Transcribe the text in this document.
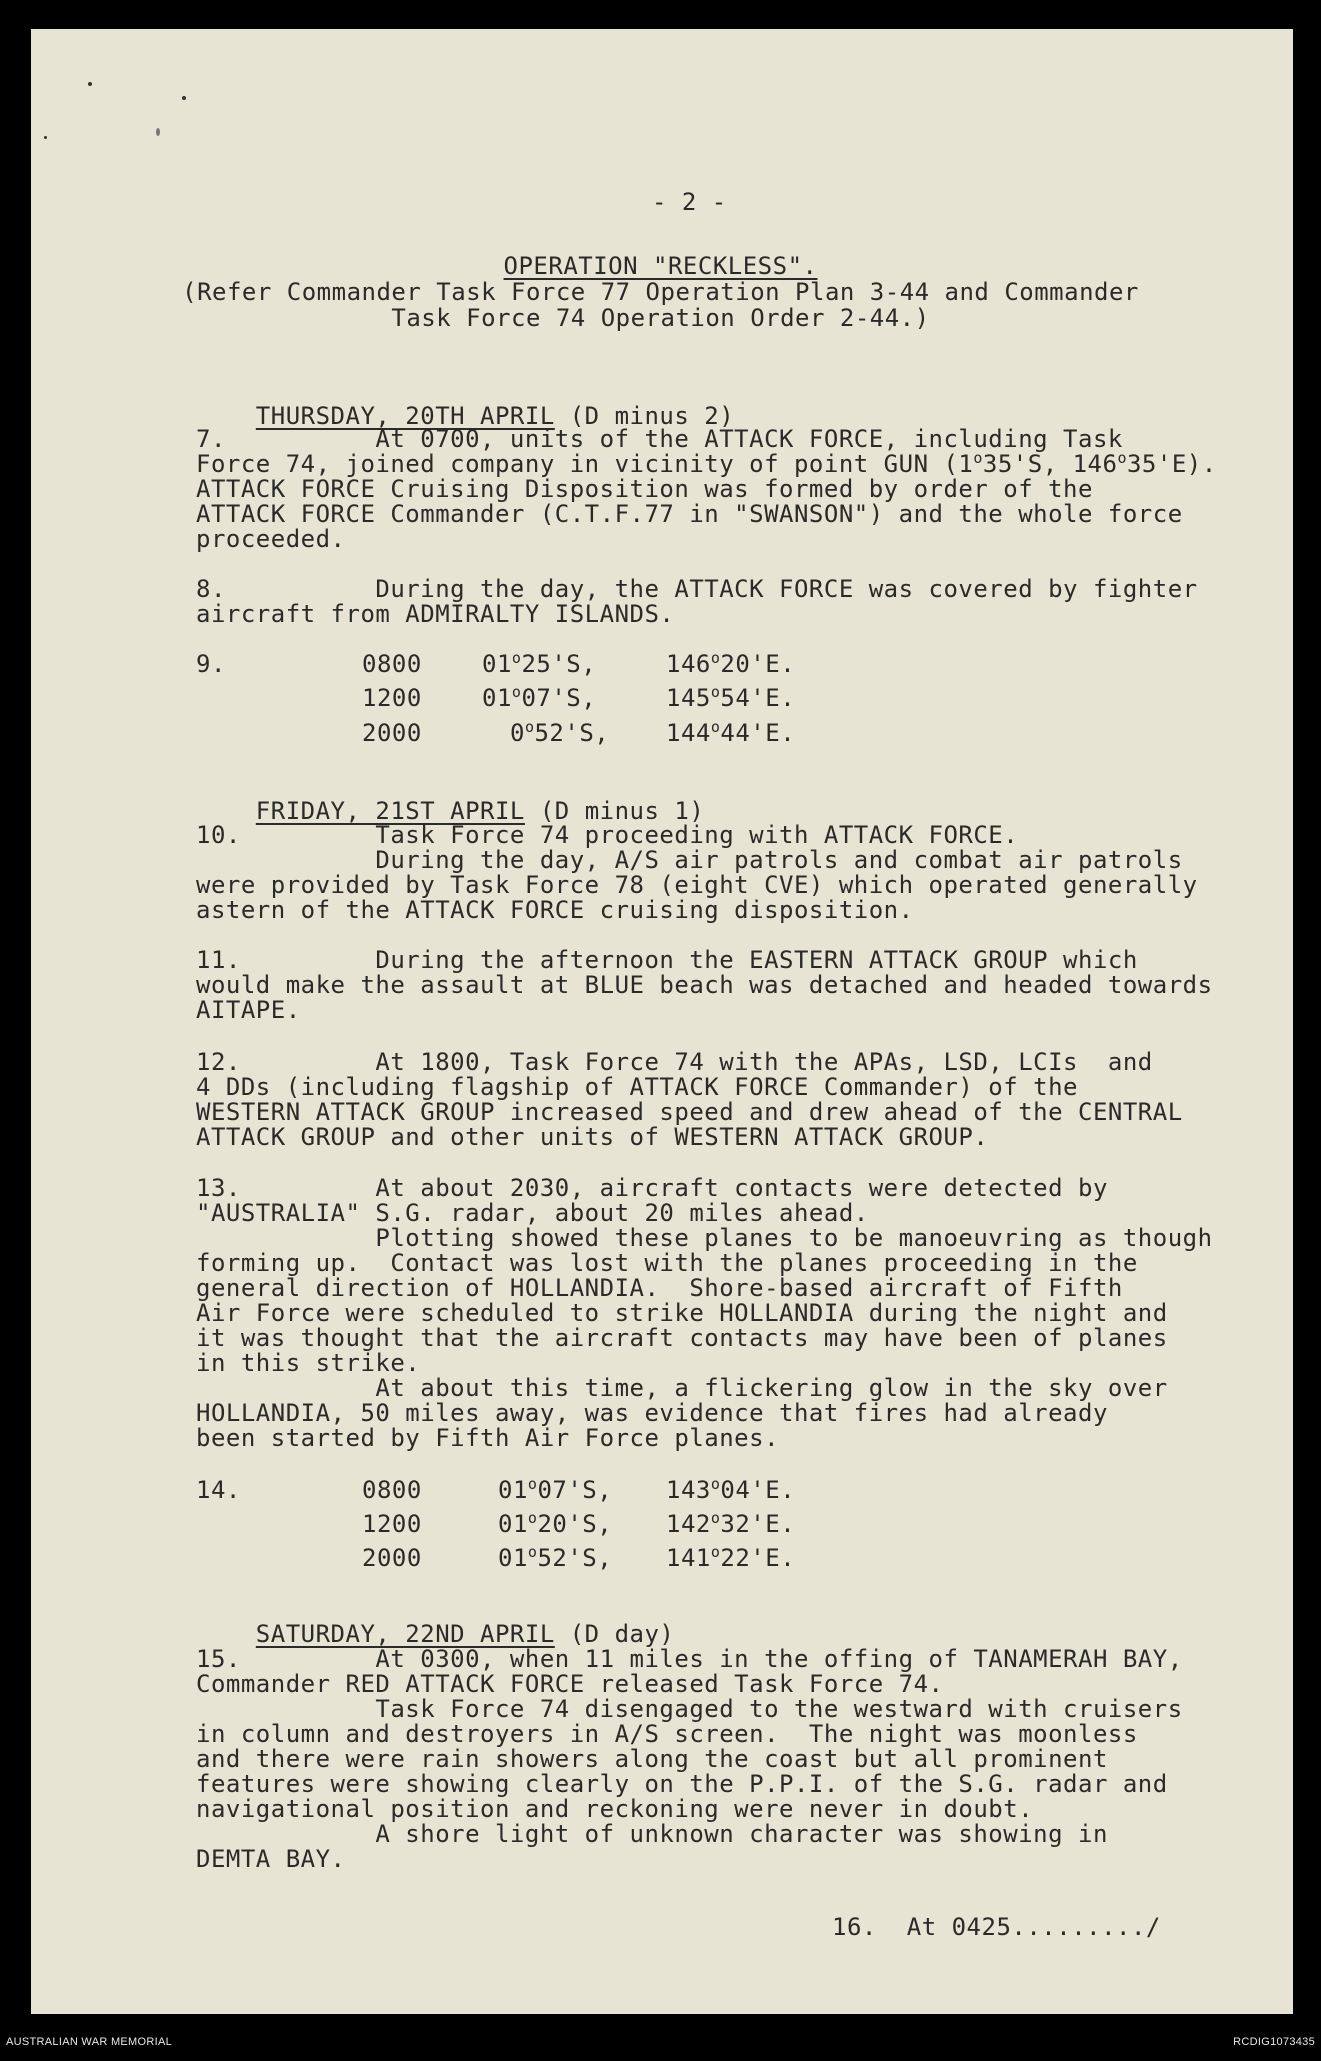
- 2 -
OPERATION "RECKLESS".
(Refer Commander Task Force 77 Operation Plan 3-44 and Commander
Task Force 74 Operation Order 2-44.)

THURSDAY, 20TH APRIL (D minus 2)

7.          At 0700, units of the ATTACK FORCE, including Task
Force 74, joined company in vicinity of point GUN (1$^o$35'S, 146$^o$35'E).
ATTACK FORCE Cruising Disposition was formed by order of the
ATTACK FORCE Commander (C.T.F.77 in "SWANSON") and the whole force
proceeded.
8.          During the day, the ATTACK FORCE was covered by fighter
aircraft from ADMIRALTY ISLANDS.
9.	0800	01$^o$25'S,	146$^o$20'E.
1200	01$^o$07'S,	145$^o$54'E.
2000	0$^o$52'S, 144$^o$44'E.

FRIDAY, 21ST APRIL (D minus 1)

10.         Task Force 74 proceeding with ATTACK FORCE.
During the day, A/S air patrols and combat air patrols
were provided by Task Force 78 (eight CVE) which operated generally
astern of the ATTACK FORCE cruising disposition.
11.         During the afternoon the EASTERN ATTACK GROUP which
would make the assault at BLUE beach was detached and headed towards
AITAPE.
12.         At 1800, Task Force 74 with the APAs, LSD, LCIs  and
4 DDs (including flagship of ATTACK FORCE Commander) of the
WESTERN ATTACK GROUP increased speed and drew ahead of the CENTRAL
ATTACK GROUP and other units of WESTERN ATTACK GROUP.
13.         At about 2030, aircraft contacts were detected by
"AUSTRALIA" S.G. radar, about 20 miles ahead.
Plotting showed these planes to be manoeuvring as though
forming up.  Contact was lost with the planes proceeding in the
general direction of HOLLANDIA.  Shore-based aircraft of Fifth
Air Force were scheduled to strike HOLLANDIA during the night and
it was thought that the aircraft contacts may have been of planes
in this strike.
At about this time, a flickering glow in the sky over
HOLLANDIA, 50 miles away, was evidence that fires had already
been started by Fifth Air Force planes.
14.	0800	01$^o$07'S, 143$^o$04'E.
1200	01$^o$20'S, 142$^o$32'E.
2000	01$^o$52'S, 141$^o$22'E.

SATURDAY, 22ND APRIL (D day)

15.         At 0300, when 11 miles in the offing of TANAMERAH BAY,
Commander RED ATTACK FORCE released Task Force 74.
Task Force 74 disengaged to the westward with cruisers
in column and destroyers in A/S screen.  The night was moonless
and there were rain showers along the coast but all prominent
features were showing clearly on the P.P.I. of the S.G. radar and
navigational position and reckoning were never in doubt.
A shore light of unknown character was showing in
DEMTA BAY.
16.  At 0425........./
AUSTRALIAN WAR MEMORIAL	RCDIG1073435
